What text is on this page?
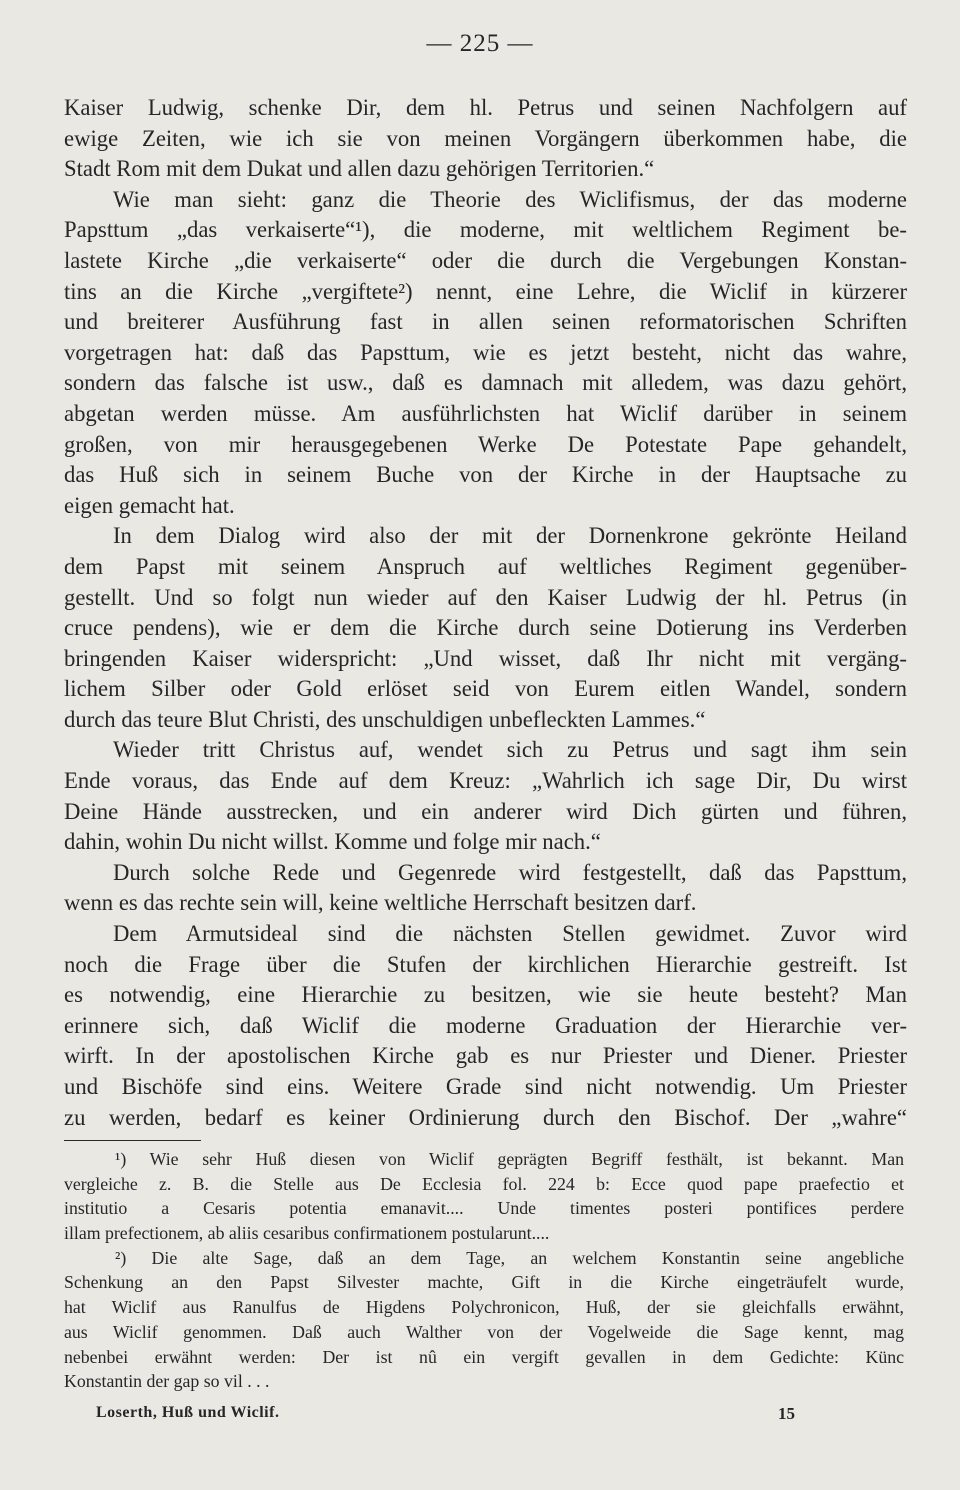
— 225 —
Kaiser Ludwig, schenke Dir, dem hl. Petrus und seinen Nachfolgern auf
ewige Zeiten, wie ich sie von meinen Vorgängern überkommen habe, die
Stadt Rom mit dem Dukat und allen dazu gehörigen Territorien.“
Wie man sieht: ganz die Theorie des Wiclifismus, der das moderne
Papsttum „das verkaiserte“¹), die moderne, mit weltlichem Regiment be-
lastete Kirche „die verkaiserte“ oder die durch die Vergebungen Konstan-
tins an die Kirche „vergiftete²) nennt, eine Lehre, die Wiclif in kürzerer
und breiterer Ausführung fast in allen seinen reformatorischen Schriften
vorgetragen hat: daß das Papsttum, wie es jetzt besteht, nicht das wahre,
sondern das falsche ist usw., daß es damnach mit alledem, was dazu gehört,
abgetan werden müsse. Am ausführlichsten hat Wiclif darüber in seinem
großen, von mir herausgegebenen Werke De Potestate Pape gehandelt,
das Huß sich in seinem Buche von der Kirche in der Hauptsache zu
eigen gemacht hat.
In dem Dialog wird also der mit der Dornenkrone gekrönte Heiland
dem Papst mit seinem Anspruch auf weltliches Regiment gegenüber-
gestellt. Und so folgt nun wieder auf den Kaiser Ludwig der hl. Petrus (in
cruce pendens), wie er dem die Kirche durch seine Dotierung ins Verderben
bringenden Kaiser widerspricht: „Und wisset, daß Ihr nicht mit vergäng-
lichem Silber oder Gold erlöset seid von Eurem eitlen Wandel, sondern
durch das teure Blut Christi, des unschuldigen unbefleckten Lammes.“
Wieder tritt Christus auf, wendet sich zu Petrus und sagt ihm sein
Ende voraus, das Ende auf dem Kreuz: „Wahrlich ich sage Dir, Du wirst
Deine Hände ausstrecken, und ein anderer wird Dich gürten und führen,
dahin, wohin Du nicht willst. Komme und folge mir nach.“
Durch solche Rede und Gegenrede wird festgestellt, daß das Papsttum,
wenn es das rechte sein will, keine weltliche Herrschaft besitzen darf.
Dem Armutsideal sind die nächsten Stellen gewidmet. Zuvor wird
noch die Frage über die Stufen der kirchlichen Hierarchie gestreift. Ist
es notwendig, eine Hierarchie zu besitzen, wie sie heute besteht? Man
erinnere sich, daß Wiclif die moderne Graduation der Hierarchie ver-
wirft. In der apostolischen Kirche gab es nur Priester und Diener. Priester
und Bischöfe sind eins. Weitere Grade sind nicht notwendig. Um Priester
zu werden, bedarf es keiner Ordinierung durch den Bischof. Der „wahre“
¹) Wie sehr Huß diesen von Wiclif geprägten Begriff festhält, ist bekannt. Man
vergleiche z. B. die Stelle aus De Ecclesia fol. 224 b: Ecce quod pape praefectio et
institutio a Cesaris potentia emanavit.... Unde timentes posteri pontifices perdere
illam prefectionem, ab aliis cesaribus confirmationem postularunt....
²) Die alte Sage, daß an dem Tage, an welchem Konstantin seine angebliche
Schenkung an den Papst Silvester machte, Gift in die Kirche eingeträufelt wurde,
hat Wiclif aus Ranulfus de Higdens Polychronicon, Huß, der sie gleichfalls erwähnt,
aus Wiclif genommen. Daß auch Walther von der Vogelweide die Sage kennt, mag
nebenbei erwähnt werden: Der ist nû ein vergift gevallen in dem Gedichte: Künc
Konstantin der gap so vil . . .
Loserth, Huß und Wiclif.	15
